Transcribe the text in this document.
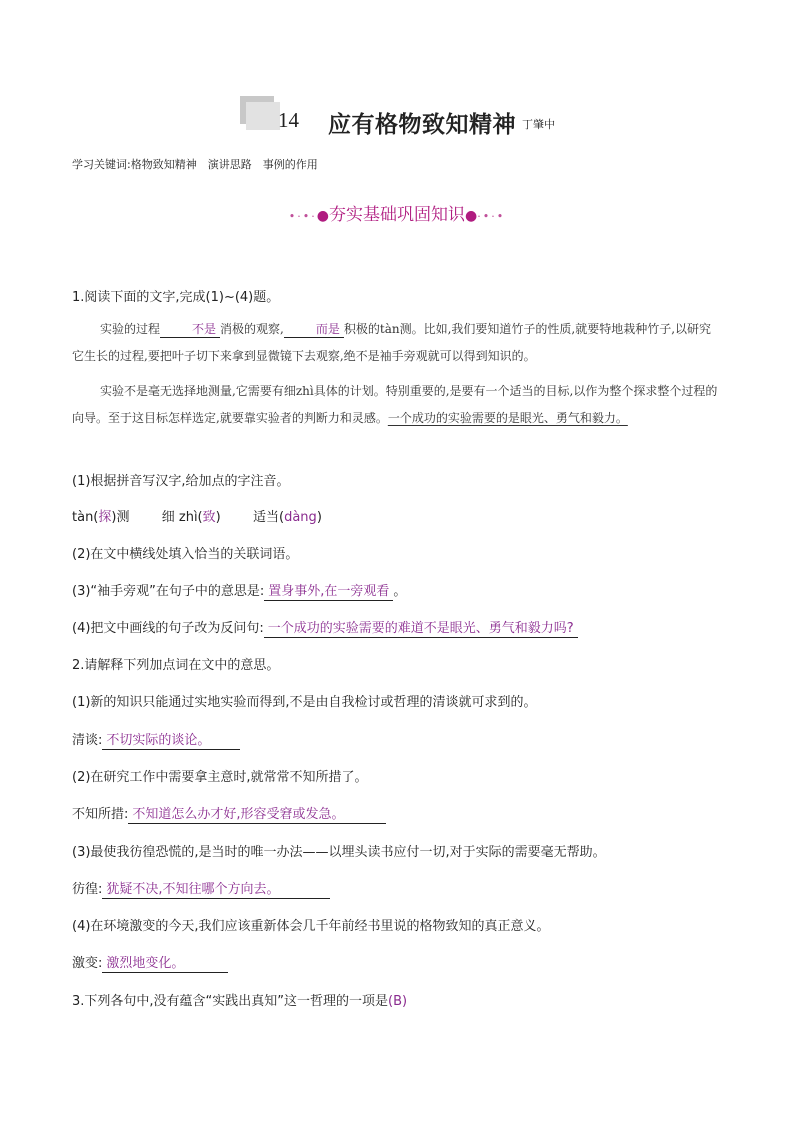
14 应有格物致知精神 丁肇中
学习关键词:格物致知精神　演讲思路　事例的作用
•·•·●夯实基础巩固知识●·•·•
1.阅读下面的文字,完成(1)~(4)题。
实验的过程	不是 消极的观察,	而是 积极的tàn测。比如,我们要知道竹子的性质,就要特地栽种竹子,以研究它生长的过程,要把叶子切下来拿到显微镜下去观察,绝不是袖手旁观就可以得到知识的。
实验不是毫无选择地测量,它需要有细zhì具体的计划。特别重要的,是要有一个适当的目标,以作为整个探求整个过程的向导。至于这目标怎样选定,就要靠实验者的判断力和灵感。一个成功的实验需要的是眼光、勇气和毅力。
(1)根据拼音写汉字,给加点的字注音。
tàn(探)测 细 zhì(致) 适当(dàng)
(2)在文中横线处填入恰当的关联词语。
(3)“袖手旁观”在句子中的意思是: 置身事外,在一旁观看 。
(4)把文中画线的句子改为反问句: 一个成功的实验需要的难道不是眼光、勇气和毅力吗?
2.请解释下列加点词在文中的意思。
(1)新的知识只能通过实地实验而得到,不是由自我检讨或哲理的清谈就可求到的。
清谈: 不切实际的谈论。
(2)在研究工作中需要拿主意时,就常常不知所措了。
不知所措: 不知道怎么办才好,形容受窘或发急。
(3)最使我彷徨恐慌的,是当时的唯一办法——以埋头读书应付一切,对于实际的需要毫无帮助。
彷徨: 犹疑不决,不知往哪个方向去。
(4)在环境激变的今天,我们应该重新体会几千年前经书里说的格物致知的真正意义。
激变: 激烈地变化。
3.下列各句中,没有蕴含“实践出真知”这一哲理的一项是(B)
